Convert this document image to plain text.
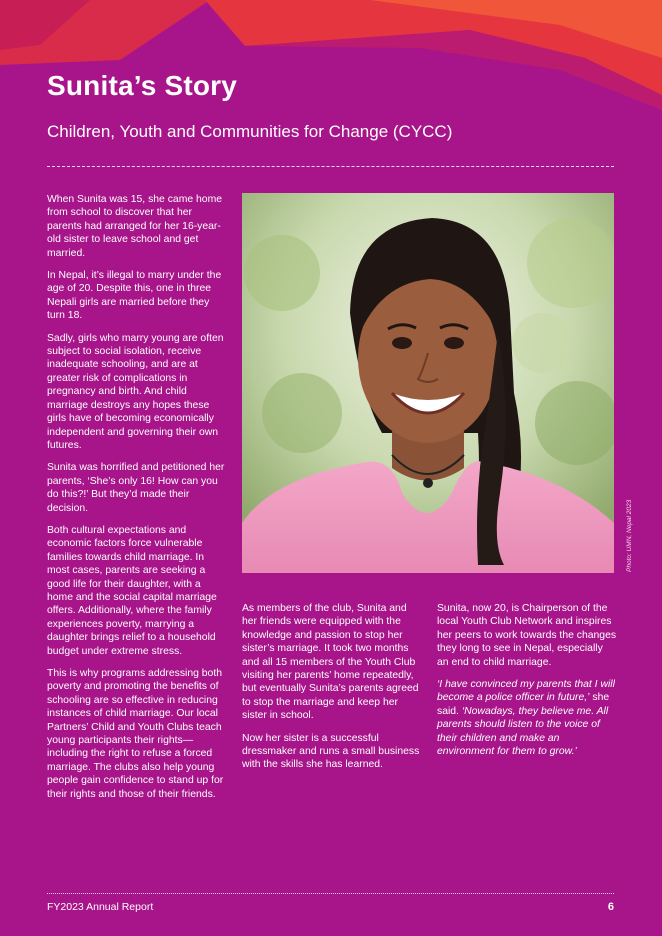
Sunita’s Story
Children, Youth and Communities for Change (CYCC)

When Sunita was 15, she came home from school to discover that her parents had arranged for her 16-year-old sister to leave school and get married.

In Nepal, it’s illegal to marry under the age of 20. Despite this, one in three Nepali girls are married before they turn 18.

Sadly, girls who marry young are often subject to social isolation, receive inadequate schooling, and are at greater risk of complications in pregnancy and birth. And child marriage destroys any hopes these girls have of becoming economically independent and governing their own futures.

Sunita was horrified and petitioned her parents, ‘She’s only 16! How can you do this?!’ But they’d made their decision.

Both cultural expectations and economic factors force vulnerable families towards child marriage. In most cases, parents are seeking a good life for their daughter, with a home and the social capital marriage offers. Additionally, where the family experiences poverty, marrying a daughter brings relief to a household budget under extreme stress.

This is why programs addressing both poverty and promoting the benefits of schooling are so effective in reducing instances of child marriage. Our local Partners’ Child and Youth Clubs teach young participants their rights—including the right to refuse a forced marriage. The clubs also help young people gain confidence to stand up for their rights and those of their friends.

Photo: UMN, Nepal 2023

As members of the club, Sunita and her friends were equipped with the knowledge and passion to stop her sister’s marriage. It took two months and all 15 members of the Youth Club visiting her parents’ home repeatedly, but eventually Sunita’s parents agreed to stop the marriage and keep her sister in school.

Now her sister is a successful dressmaker and runs a small business with the skills she has learned.

Sunita, now 20, is Chairperson of the local Youth Club Network and inspires her peers to work towards the changes they long to see in Nepal, especially an end to child marriage.

‘I have convinced my parents that I will become a police officer in future,’ she said. ‘Nowadays, they believe me. All parents should listen to the voice of their children and make an environment for them to grow.’

FY2023 Annual Report	6
